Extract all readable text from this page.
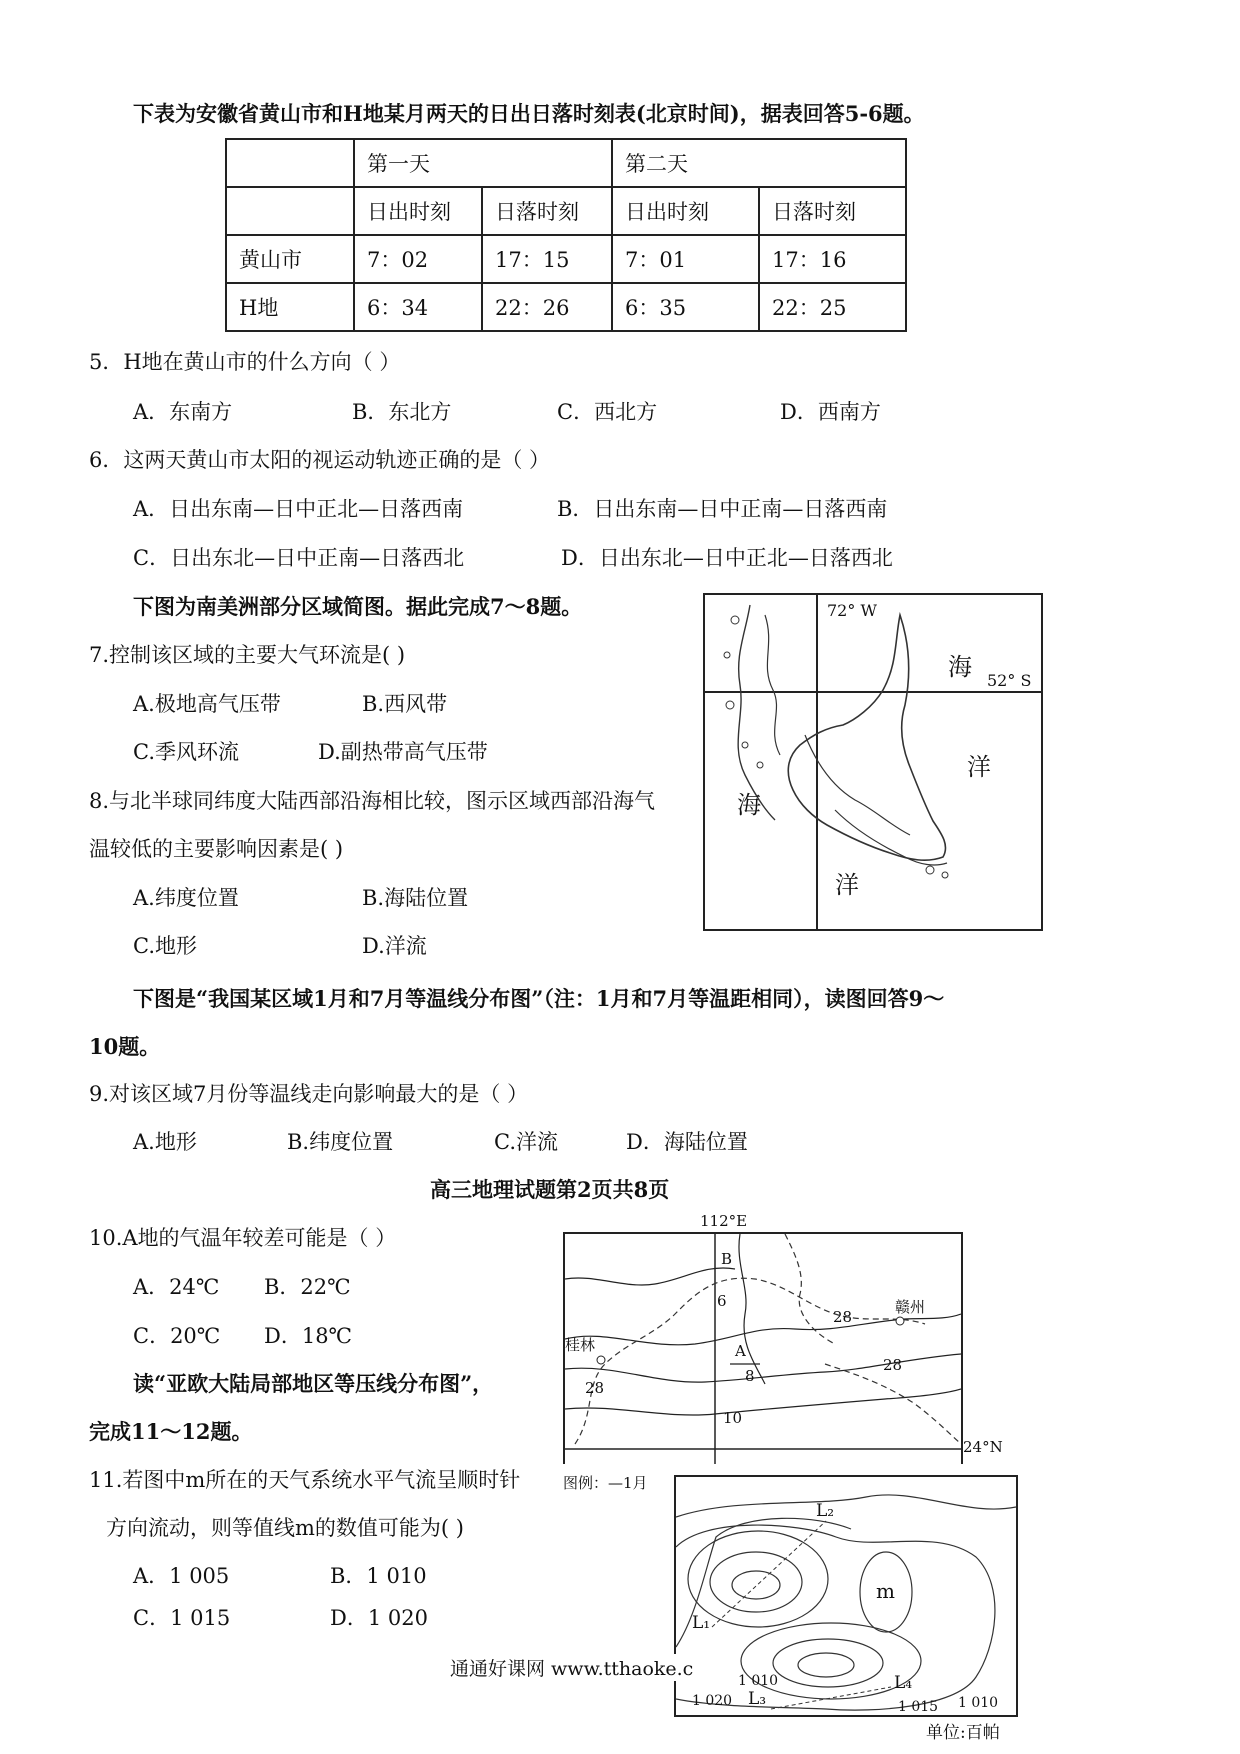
下表为安徽省黄山市和H地某月两天的日出日落时刻表(北京时间)，据表回答5-6题。
	第一天		第二天	
	日出时刻	日落时刻	日出时刻	日落时刻
黄山市	7：02	17：15	7：01	17：16
H地	6：34	22：26	6：35	22：25
5．H地在黄山市的什么方向（ ）
A．东南方	B．东北方	C．西北方	D．西南方
6．这两天黄山市太阳的视运动轨迹正确的是（ ）
A．日出东南—日中正北—日落西南	B．日出东南—日中正南—日落西南
C．日出东北—日中正南—日落西北	D．日出东北—日中正北—日落西北
下图为南美洲部分区域简图。据此完成7～8题。
7.控制该区域的主要大气环流是( )
A.极地高气压带	B.西风带
C.季风环流	D.副热带高气压带
8.与北半球同纬度大陆西部沿海相比较，图示区域西部沿海气
温较低的主要影响因素是( )
A.纬度位置	B.海陆位置
C.地形	D.洋流
72° W
52° S
海
洋
海
洋
下图是“我国某区域1月和7月等温线分布图”（注：1月和7月等温距相同），读图回答9～
10题。
9.对该区域7月份等温线走向影响最大的是（ ）
A.地形	B.纬度位置	C.洋流	D．海陆位置
高三地理试题第2页共8页
10.A地的气温年较差可能是（ ）
A．24℃ B．22℃
C．20℃ D．18℃
读“亚欧大陆局部地区等压线分布图”，
完成11～12题。
11.若图中m所在的天气系统水平气流呈顺时针
方向流动，则等值线m的数值可能为( )
A．1 005	B．1 010
C．1 015	D．1 020
B
6
28
赣州
桂林	A
28
8
28
10
112°E
24°N
图例：—1月
L₂
m
L₁
1 010	L₄
1 020 L₃	1 015 1 010
单位:百帕
通通好课网 www.tthaoke.c
